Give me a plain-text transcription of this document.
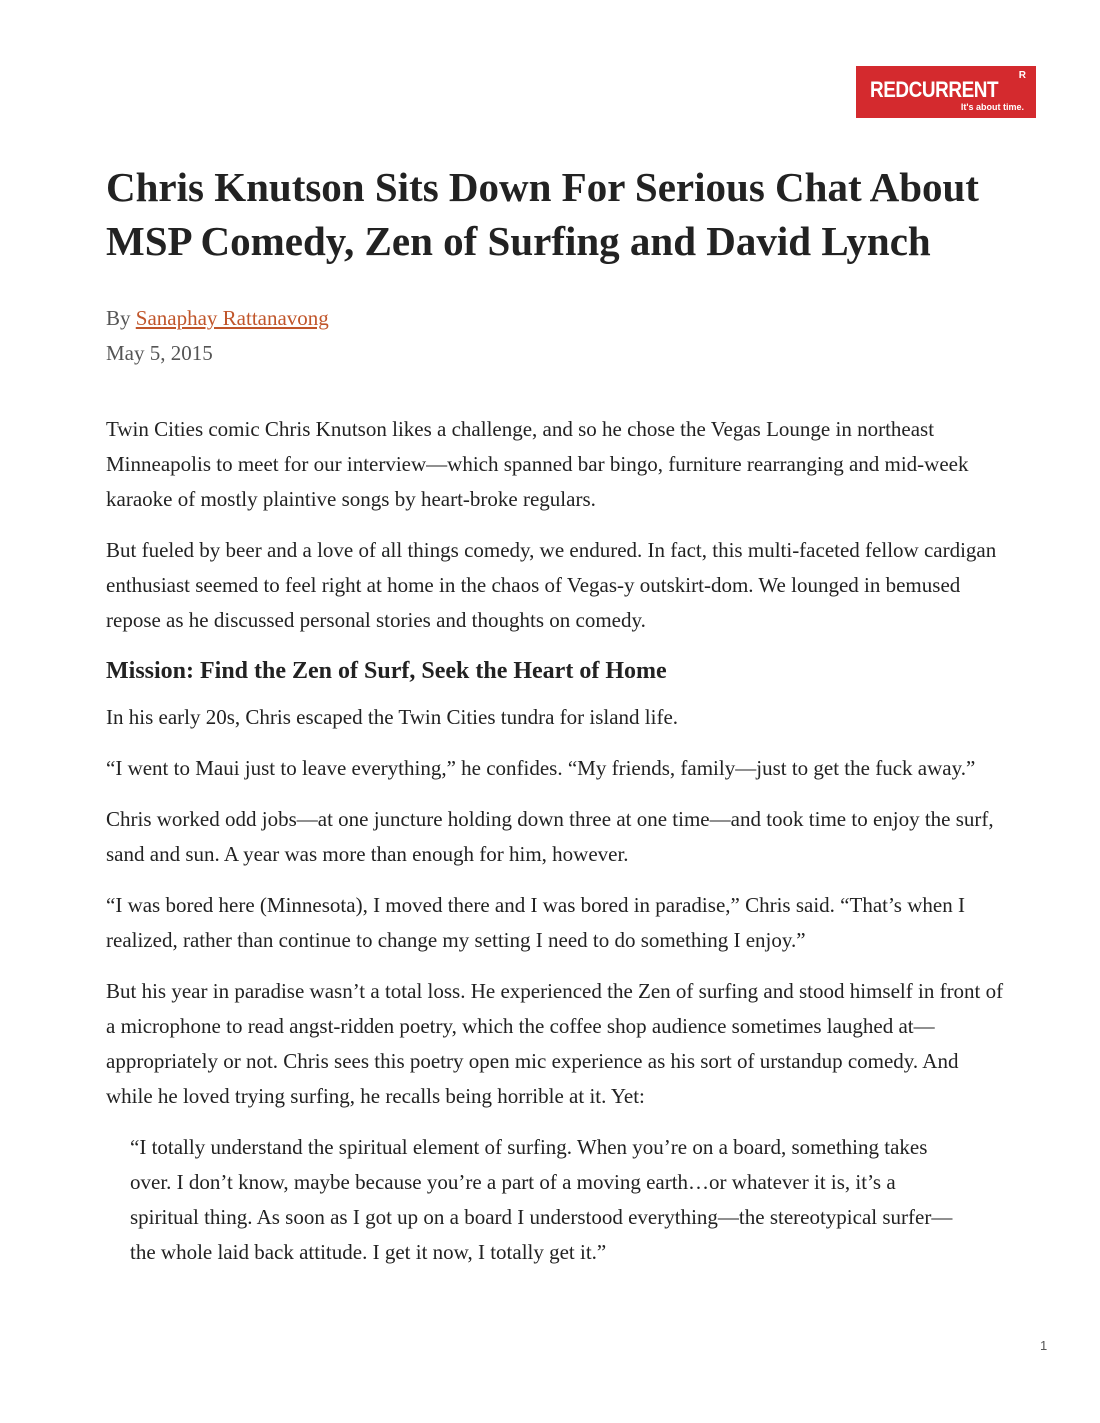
REDCURRENT
R
It's about time.
Chris Knutson Sits Down For Serious Chat About MSP Comedy, Zen of Surfing and David Lynch
By Sanaphay Rattanavong
May 5, 2015

Twin Cities comic Chris Knutson likes a challenge, and so he chose the Vegas Lounge in northeast Minneapolis to meet for our interview—which spanned bar bingo, furniture rearranging and mid-week karaoke of mostly plaintive songs by heart-broke regulars.

But fueled by beer and a love of all things comedy, we endured. In fact, this multi-faceted fellow cardigan enthusiast seemed to feel right at home in the chaos of Vegas-y outskirt-dom. We lounged in bemused repose as he discussed personal stories and thoughts on comedy.

Mission: Find the Zen of Surf, Seek the Heart of Home

In his early 20s, Chris escaped the Twin Cities tundra for island life.

“I went to Maui just to leave everything,” he confides. “My friends, family—just to get the fuck away.”

Chris worked odd jobs—at one juncture holding down three at one time—and took time to enjoy the surf, sand and sun. A year was more than enough for him, however.

“I was bored here (Minnesota), I moved there and I was bored in paradise,” Chris said. “That’s when I realized, rather than continue to change my setting I need to do something I enjoy.”

But his year in paradise wasn’t a total loss. He experienced the Zen of surfing and stood himself in front of a microphone to read angst-ridden poetry, which the coffee shop audience sometimes laughed at—appropriately or not. Chris sees this poetry open mic experience as his sort of urstandup comedy. And while he loved trying surfing, he recalls being horrible at it. Yet:

“I totally understand the spiritual element of surfing. When you’re on a board, something takes over. I don’t know, maybe because you’re a part of a moving earth…or whatever it is, it’s a spiritual thing. As soon as I got up on a board I understood everything—the stereotypical surfer—the whole laid back attitude. I get it now, I totally get it.”
1
